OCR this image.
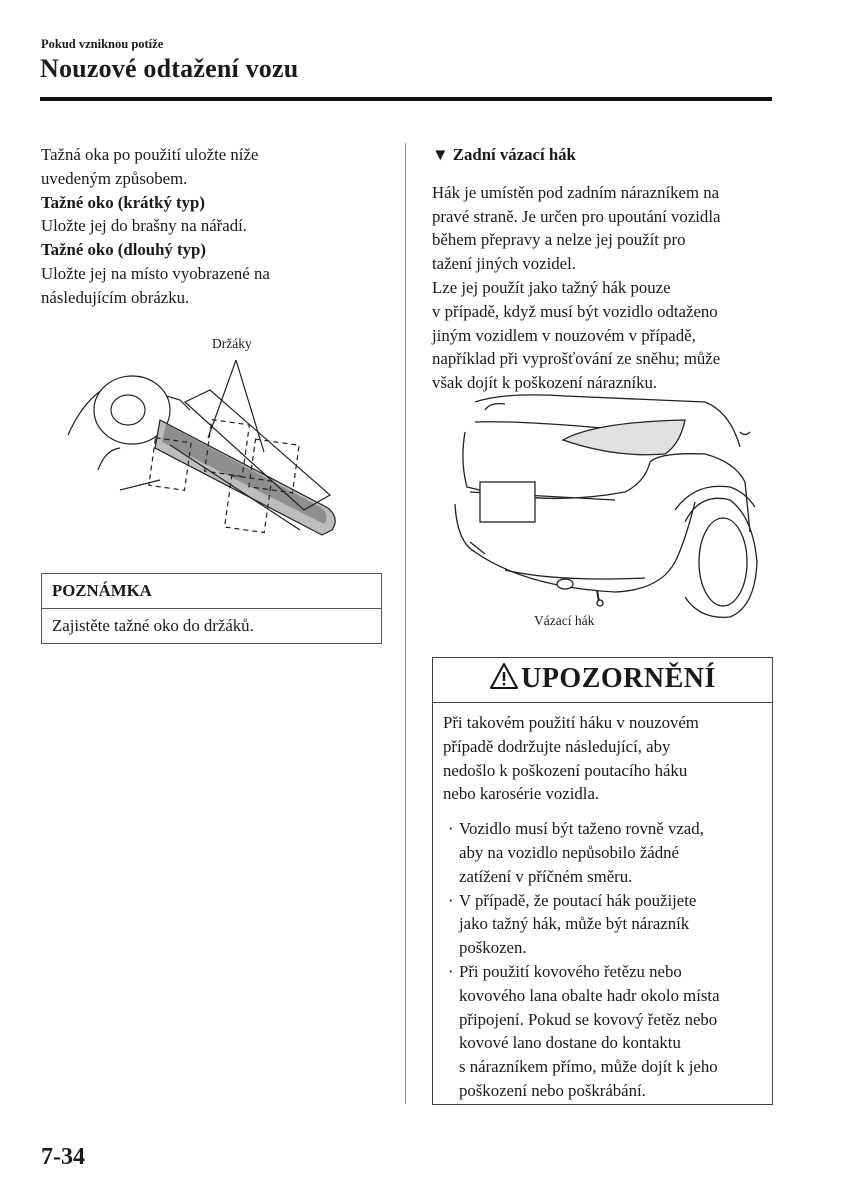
Pokud vzniknou potíže
Nouzové odtažení vozu

Tažná oka po použití uložte níže

uvedeným způsobem.

Tažné oko (krátký typ)

Uložte jej do brašny na nářadí.

Tažné oko (dlouhý typ)

Uložte jej na místo vyobrazené na

následujícím obrázku.

Držáky
POZNÁMKA
Zajistěte tažné oko do držáků.
▼ Zadní vázací hák

Hák je umístěn pod zadním nárazníkem na

pravé straně. Je určen pro upoutání vozidla

během přepravy a nelze jej použít pro

tažení jiných vozidel.

Lze jej použít jako tažný hák pouze

v případě, když musí být vozidlo odtaženo

jiným vozidlem v nouzovém v případě,

například při vyprošťování ze sněhu; může

však dojít k poškození nárazníku.

Vázací hák
UPOZORNĚNÍ

Při takovém použití háku v nouzovém
případě dodržujte následující, aby
nedošlo k poškození poutacího háku
nebo karosérie vozidla.

· Vozidlo musí být taženo rovně vzad,
aby na vozidlo nepůsobilo žádné
zatížení v příčném směru.
· V případě, že poutací hák použijete
jako tažný hák, může být nárazník
poškozen.
· Při použití kovového řetězu nebo
kovového lana obalte hadr okolo místa
připojení. Pokud se kovový řetěz nebo
kovové lano dostane do kontaktu
s nárazníkem přímo, může dojít k jeho
poškození nebo poškrábání.
7-34
